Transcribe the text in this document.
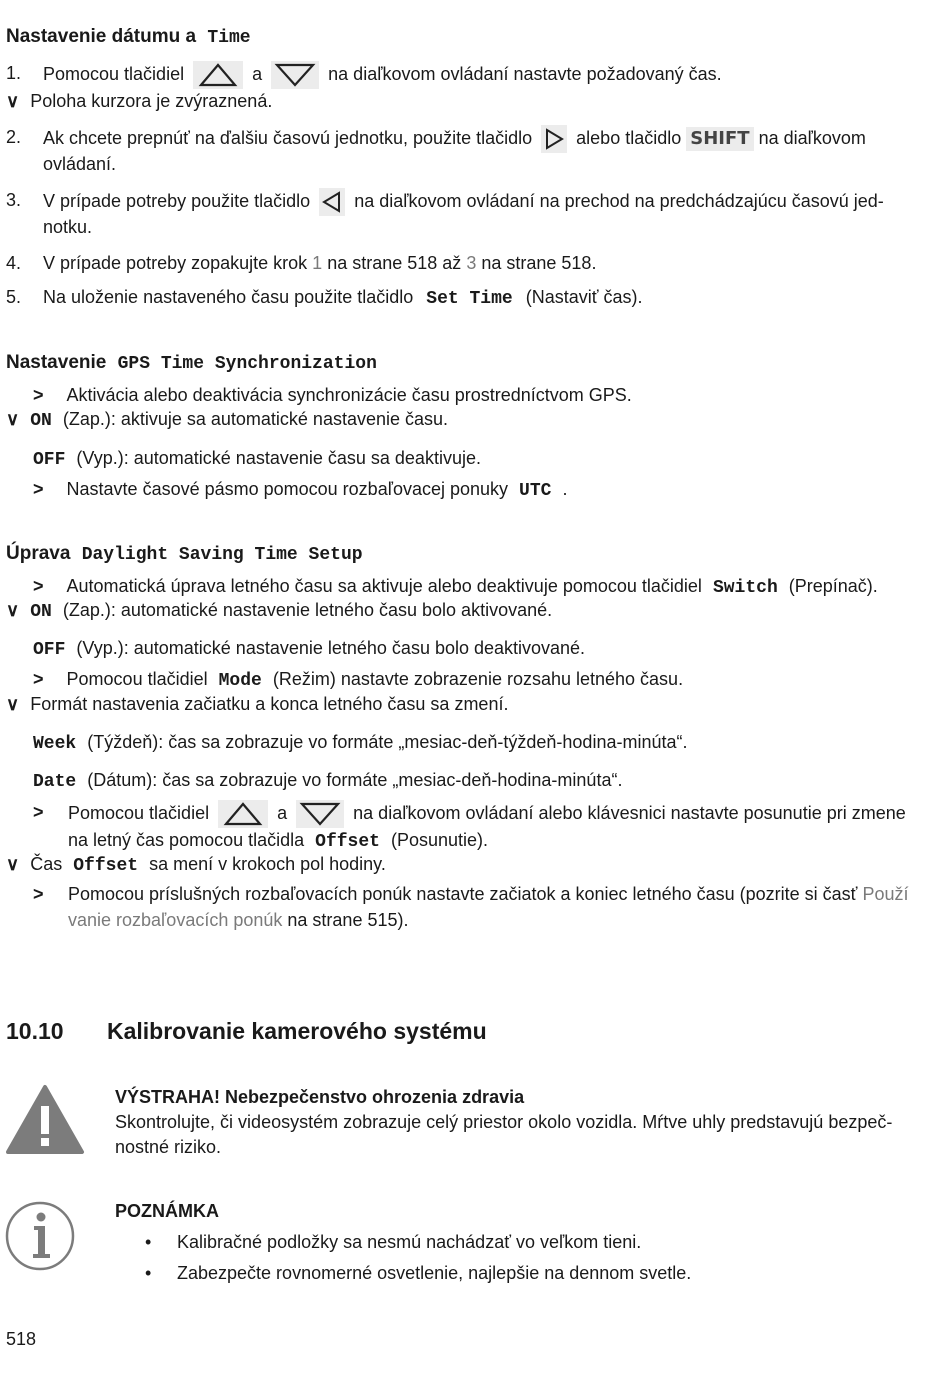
Nastavenie dátumu a Time
1. Pomocou tlačidiel	a	na diaľkovom ovládaní nastavte požadovaný čas.
∨ Poloha kurzora je zvýraznená.
2. Ak chcete prepnúť na ďalšiu časovú jednotku, použite tlačidlo alebo tlačidlo SHIFT na diaľkovom
ovládaní.
3. V prípade potreby použite tlačidlo na diaľkovom ovládaní na prechod na predchádzajúcu časovú jed-
notku.
4. V prípade potreby zopakujte krok 1 na strane 518 až 3 na strane 518.
5. Na uloženie nastaveného času použite tlačidlo Set Time (Nastaviť čas).
Nastavenie GPS Time Synchronization
> Aktivácia alebo deaktivácia synchronizácie času prostredníctvom GPS.
∨ ON (Zap.): aktivuje sa automatické nastavenie času.
OFF (Vyp.): automatické nastavenie času sa deaktivuje.
> Nastavte časové pásmo pomocou rozbaľovacej ponuky UTC .
Úprava Daylight Saving Time Setup
> Automatická úprava letného času sa aktivuje alebo deaktivuje pomocou tlačidiel Switch (Prepínač).
∨ ON (Zap.): automatické nastavenie letného času bolo aktivované.
OFF (Vyp.): automatické nastavenie letného času bolo deaktivované.
> Pomocou tlačidiel Mode (Režim) nastavte zobrazenie rozsahu letného času.
∨ Formát nastavenia začiatku a konca letného času sa zmení.
Week (Týždeň): čas sa zobrazuje vo formáte „mesiac-deň-týždeň-hodina-minúta“.
Date (Dátum): čas sa zobrazuje vo formáte „mesiac-deň-hodina-minúta“.
> Pomocou tlačidiel	a	na diaľkovom ovládaní alebo klávesnici nastavte posunutie pri zmene
na letný čas pomocou tlačidla Offset (Posunutie).
∨ Čas Offset sa mení v krokoch pol hodiny.
> Pomocou príslušných rozbaľovacích ponúk nastavte začiatok a koniec letného času (pozrite si časť Použí
vanie rozbaľovacích ponúk na strane 515).
10.10 Kalibrovanie kamerového systému
VÝSTRAHA! Nebezpečenstvo ohrozenia zdravia
Skontrolujte, či videosystém zobrazuje celý priestor okolo vozidla. Mŕtve uhly predstavujú bezpeč-
nostné riziko.
POZNÁMKA
• Kalibračné podložky sa nesmú nachádzať vo veľkom tieni.
• Zabezpečte rovnomerné osvetlenie, najlepšie na dennom svetle.
518
